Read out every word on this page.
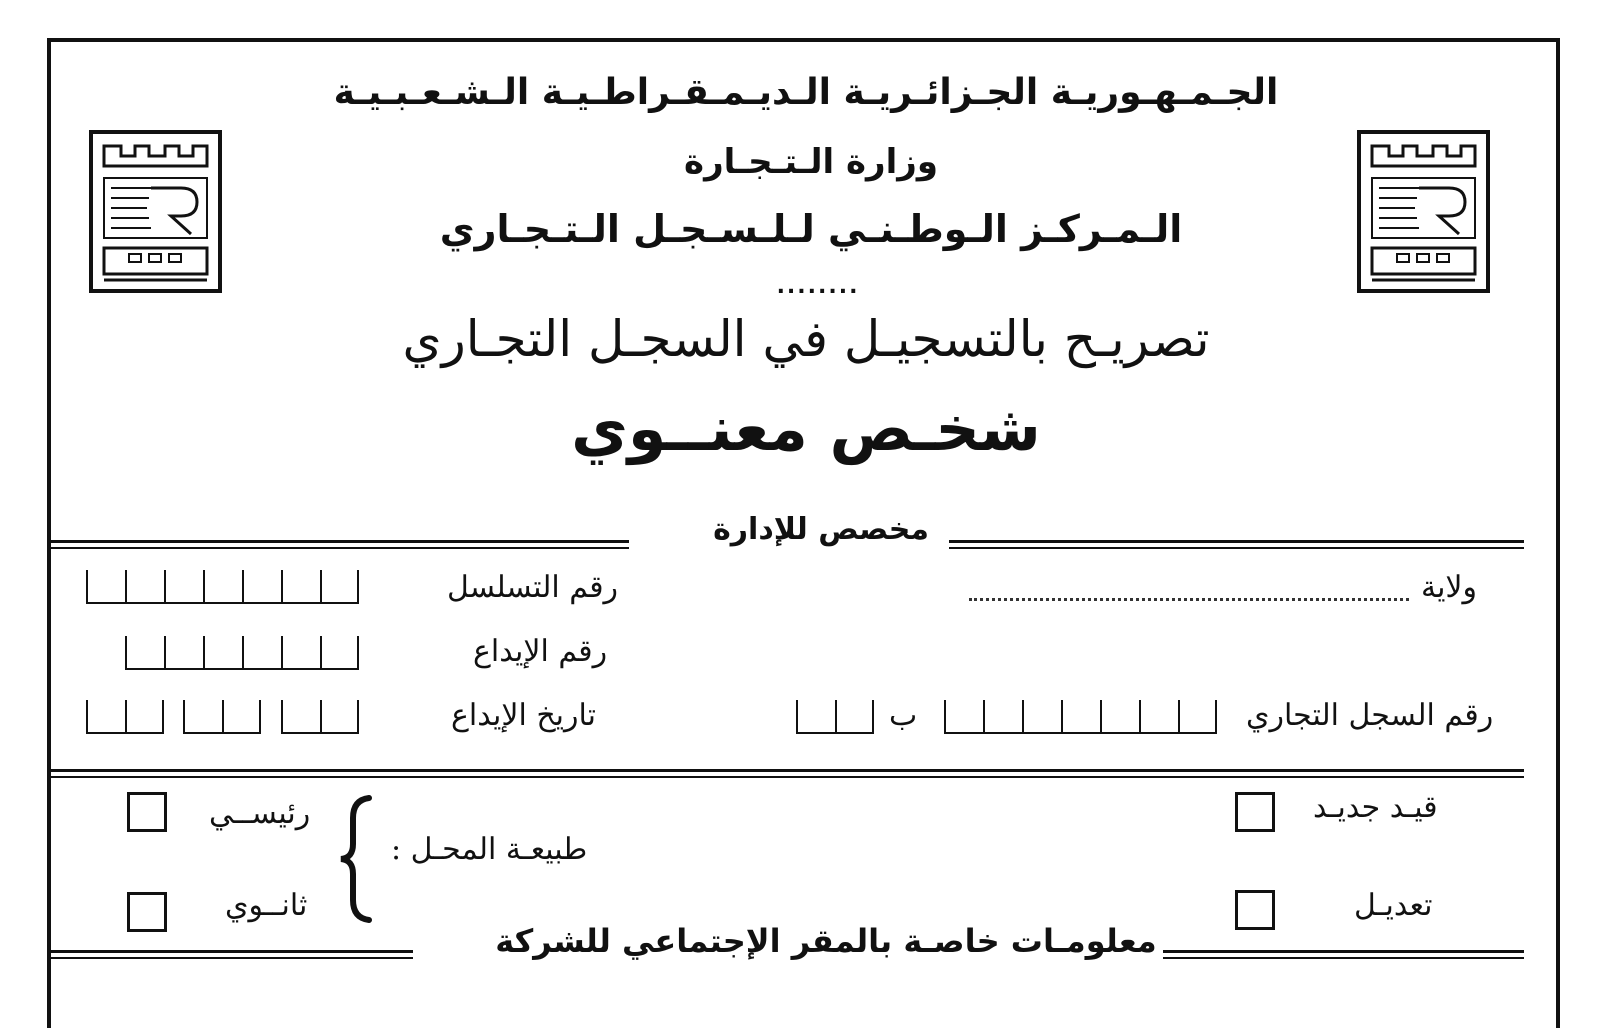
الجـمـهـوريـة الجـزائـريـة الـديـمـقـراطـيـة الـشـعـبـيـة
وزارة الـتـجـارة
الـمـركـز الـوطـنـي لـلـسـجـل الـتـجـاري
........
تصريـح بالتسجيـل في السجـل التجـاري
شخـص معنــوي
مخصص للإدارة
ولاية
رقم التسلسل
رقم الإيداع
تاريخ الإيداع	رقم السجل التجاري
ب
قيـد جديـد
تعديـل
طبيعـة المحـل :
رئيســي
ثانــوي
معلومـات خاصـة بالمقر الإجتماعي للشركة
